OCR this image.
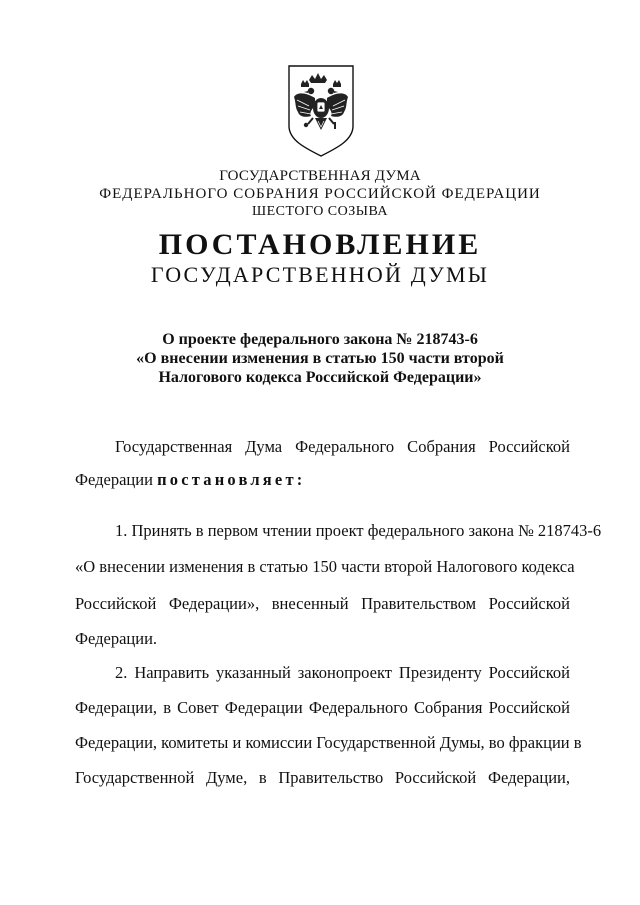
ГОСУДАРСТВЕННАЯ ДУМА
ФЕДЕРАЛЬНОГО СОБРАНИЯ РОССИЙСКОЙ ФЕДЕРАЦИИ
ШЕСТОГО СОЗЫВА
ПОСТАНОВЛЕНИЕ
ГОСУДАРСТВЕННОЙ ДУМЫ
О проекте федерального закона № 218743-6
«О внесении изменения в статью 150 части второй
Налогового кодекса Российской Федерации»
Государственная Дума Федерального Собрания Российской
Федерации постановляет:
1. Принять в первом чтении проект федерального закона № 218743-6
«О внесении изменения в статью 150 части второй Налогового кодекса
Российской Федерации», внесенный Правительством Российской
Федерации.
2. Направить указанный законопроект Президенту Российской
Федерации, в Совет Федерации Федерального Собрания Российской
Федерации, комитеты и комиссии Государственной Думы, во фракции в
Государственной Думе, в Правительство Российской Федерации,
